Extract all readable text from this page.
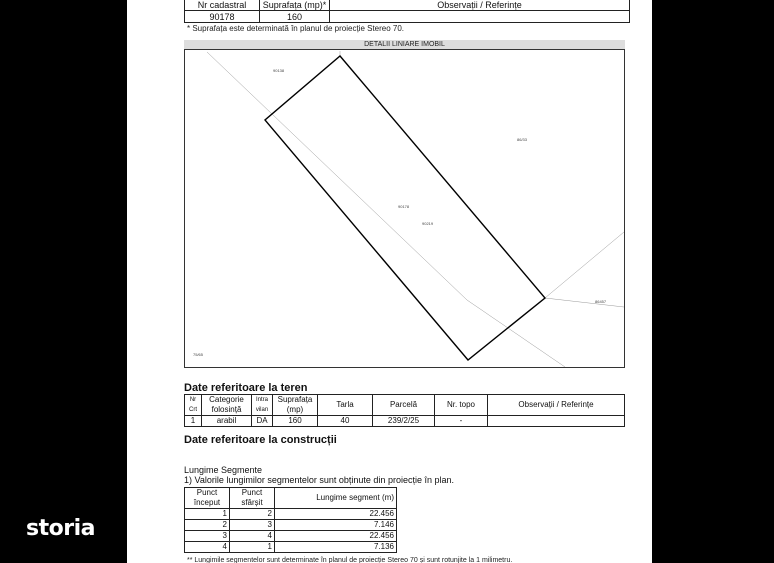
storia
Nr cadastral	Suprafața (mp)*	Observații / Referințe
90178	160	
* Suprafața este determinată în planul de proiecție Stereo 70.
DETALII LINIARE IMOBIL
90138
86/33
90178
90219
86457
75/65
Date referitoare la teren
Nr Crt	Categorie folosință	Intra vilan	Suprafața (mp)	Tarla	Parcelă	Nr. topo	Observații / Referințe
1	arabil	DA	160	40	239/2/25	-	
Date referitoare la construcții
Lungime Segmente
1) Valorile lungimilor segmentelor sunt obținute din proiecție în plan.
Punct început	Punct sfârșit	Lungime segment (m)
1	2	22.456
2	3	7.146
3	4	22.456
4	1	7.136
** Lungimile segmentelor sunt determinate în planul de proiecție Stereo 70 și sunt rotunjite la 1 milimetru.
